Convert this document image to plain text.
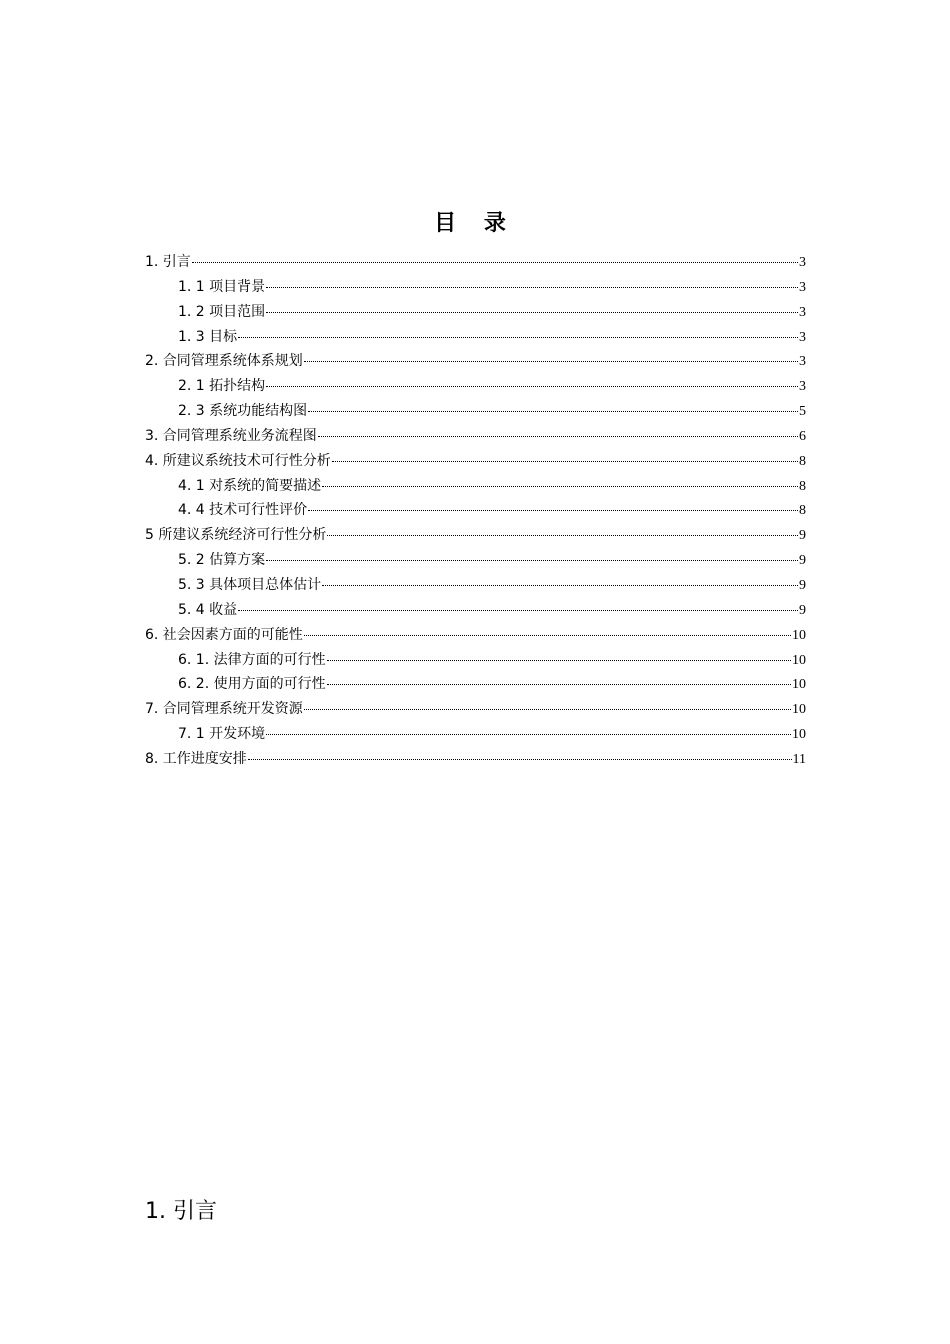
目 录
1. 引言	3
1. 1 项目背景	3
1. 2 项目范围	3
1. 3 目标	3
2. 合同管理系统体系规划	3
2. 1 拓扑结构	3
2. 3 系统功能结构图	5
3. 合同管理系统业务流程图	6
4. 所建议系统技术可行性分析	8
4. 1 对系统的简要描述	8
4. 4 技术可行性评价	8
5 所建议系统经济可行性分析	9
5. 2 估算方案	9
5. 3 具体项目总体估计	9
5. 4 收益	9
6. 社会因素方面的可能性	10
6. 1. 法律方面的可行性	10
6. 2. 使用方面的可行性	10
7. 合同管理系统开发资源	10
7. 1 开发环境	10
8. 工作进度安排	11
1. 引言
